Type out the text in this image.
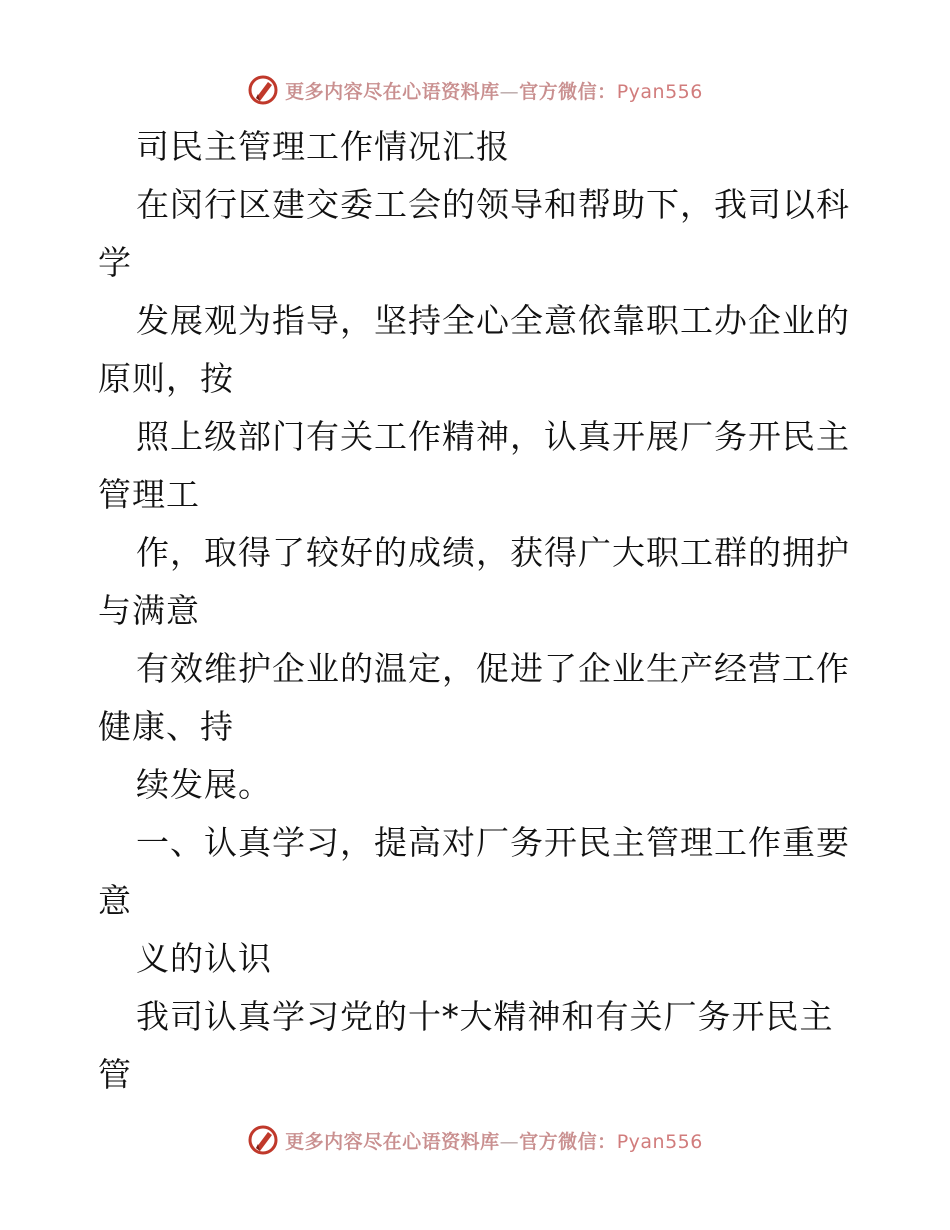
更多内容尽在心语资料库—官方微信：Pyan556
司民主管理工作情况汇报
在闵行区建交委工会的领导和帮助下，我司以科
学
发展观为指导，坚持全心全意依靠职工办企业的
原则，按
照上级部门有关工作精神，认真开展厂务开民主
管理工
作，取得了较好的成绩，获得广大职工群的拥护
与满意
有效维护企业的温定，促进了企业生产经营工作
健康、持
续发展。
一、认真学习，提高对厂务开民主管理工作重要
意
义的认识
我司认真学习党的十*大精神和有关厂务开民主
管
更多内容尽在心语资料库—官方微信：Pyan556
